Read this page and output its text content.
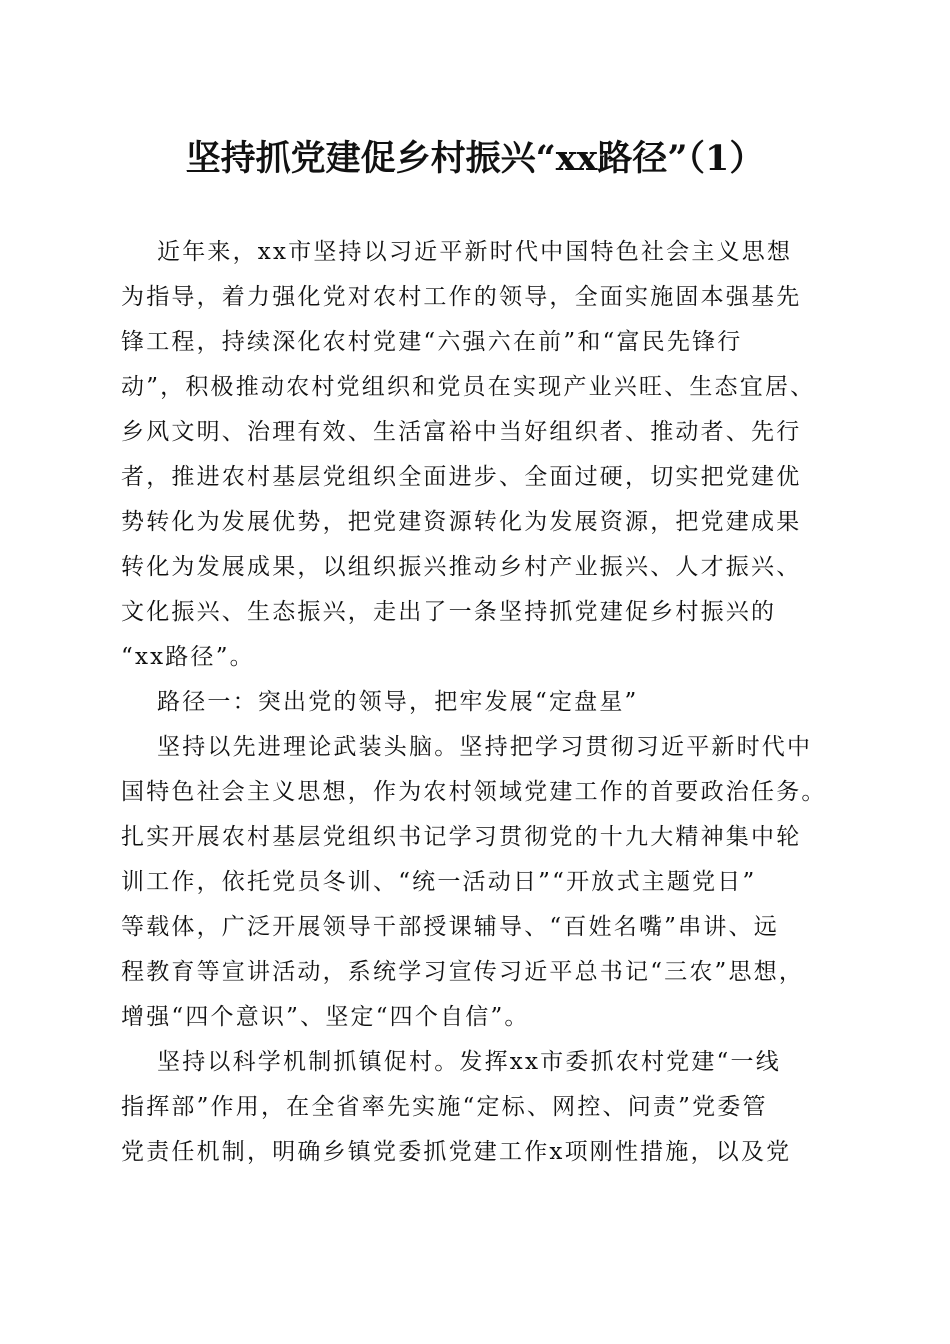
坚持抓党建促乡村振兴“xx路径”（1）
近年来，xx市坚持以习近平新时代中国特色社会主义思想
为指导，着力强化党对农村工作的领导，全面实施固本强基先
锋工程，持续深化农村党建“六强六在前”和“富民先锋行
动”，积极推动农村党组织和党员在实现产业兴旺、生态宜居、
乡风文明、治理有效、生活富裕中当好组织者、推动者、先行
者，推进农村基层党组织全面进步、全面过硬，切实把党建优
势转化为发展优势，把党建资源转化为发展资源，把党建成果
转化为发展成果，以组织振兴推动乡村产业振兴、人才振兴、
文化振兴、生态振兴，走出了一条坚持抓党建促乡村振兴的
“xx路径”。
路径一：突出党的领导，把牢发展“定盘星”
坚持以先进理论武装头脑。坚持把学习贯彻习近平新时代中
国特色社会主义思想，作为农村领域党建工作的首要政治任务。
扎实开展农村基层党组织书记学习贯彻党的十九大精神集中轮
训工作，依托党员冬训、“统一活动日”“开放式主题党日”
等载体，广泛开展领导干部授课辅导、“百姓名嘴”串讲、远
程教育等宣讲活动，系统学习宣传习近平总书记“三农”思想，
增强“四个意识”、坚定“四个自信”。
坚持以科学机制抓镇促村。发挥xx市委抓农村党建“一线
指挥部”作用，在全省率先实施“定标、网控、问责”党委管
党责任机制，明确乡镇党委抓党建工作x项刚性措施，以及党
